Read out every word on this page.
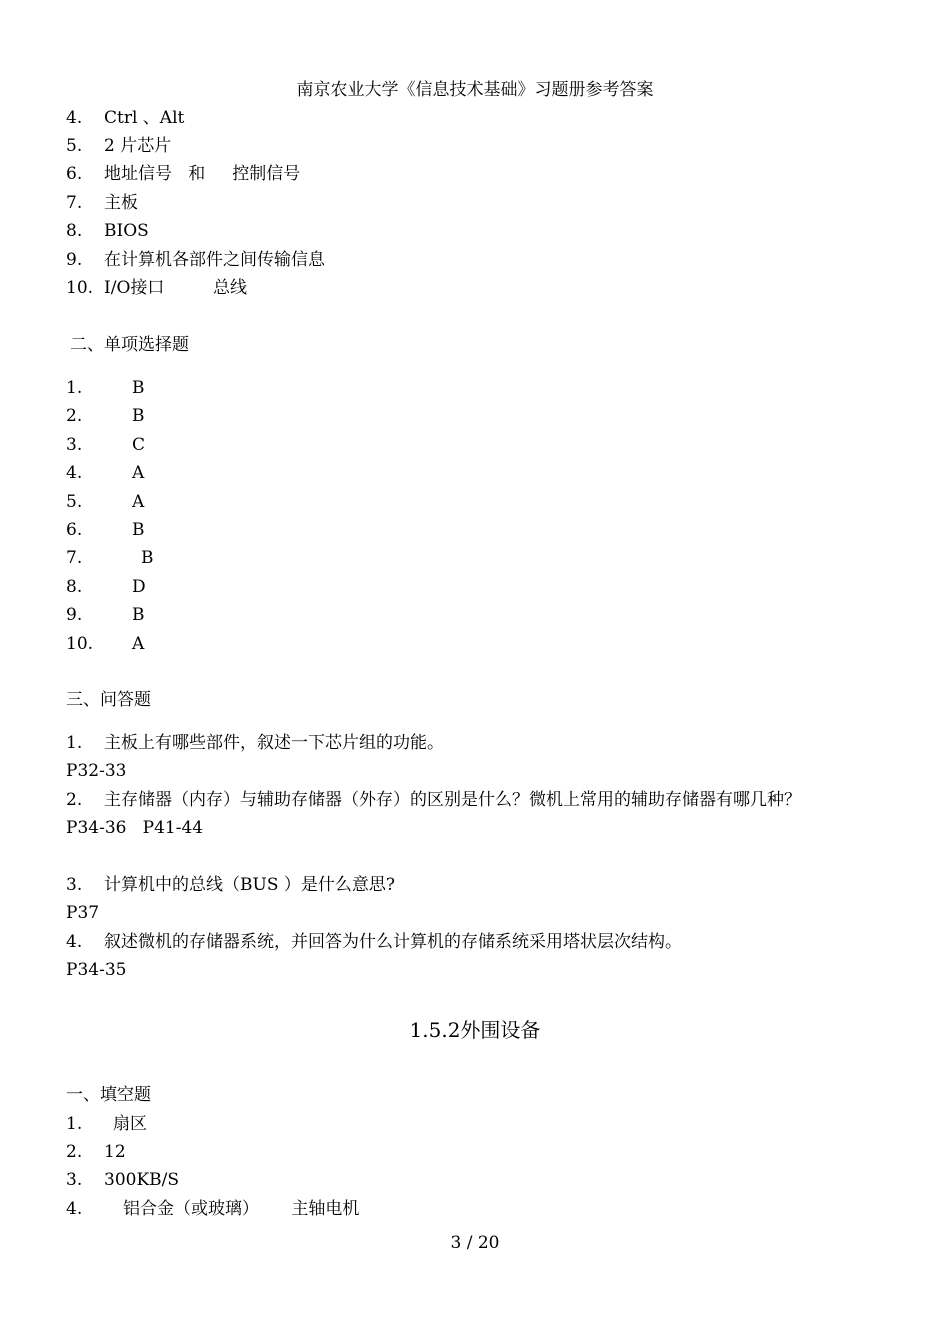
南京农业大学《信息技术基础》习题册参考答案
4. Ctrl 、Alt
5. 2 片芯片
6. 地址信号   和     控制信号
7. 主板
8. BIOS
9. 在计算机各部件之间传输信息
10. I/O接口         总线
二、单项选择题
1.	B
2.	B
3.	C
4.	A
5.	A
6.	B
7.	B
8.	D
9.	B
10. A
三、问答题
1. 主板上有哪些部件，叙述一下芯片组的功能。
P32-33
2. 主存储器（内存）与辅助存储器（外存）的区别是什么？微机上常用的辅助存储器有哪几种？
P34-36   P41-44
3. 计算机中的总线（BUS ）是什么意思?
P37
4. 叙述微机的存储器系统，并回答为什么计算机的存储系统采用塔状层次结构。
P34-35
1.5.2外围设备
一、填空题
1. 扇区
2. 12
3. 300KB/S
4. 铝合金（或玻璃）      主轴电机
3 / 20
